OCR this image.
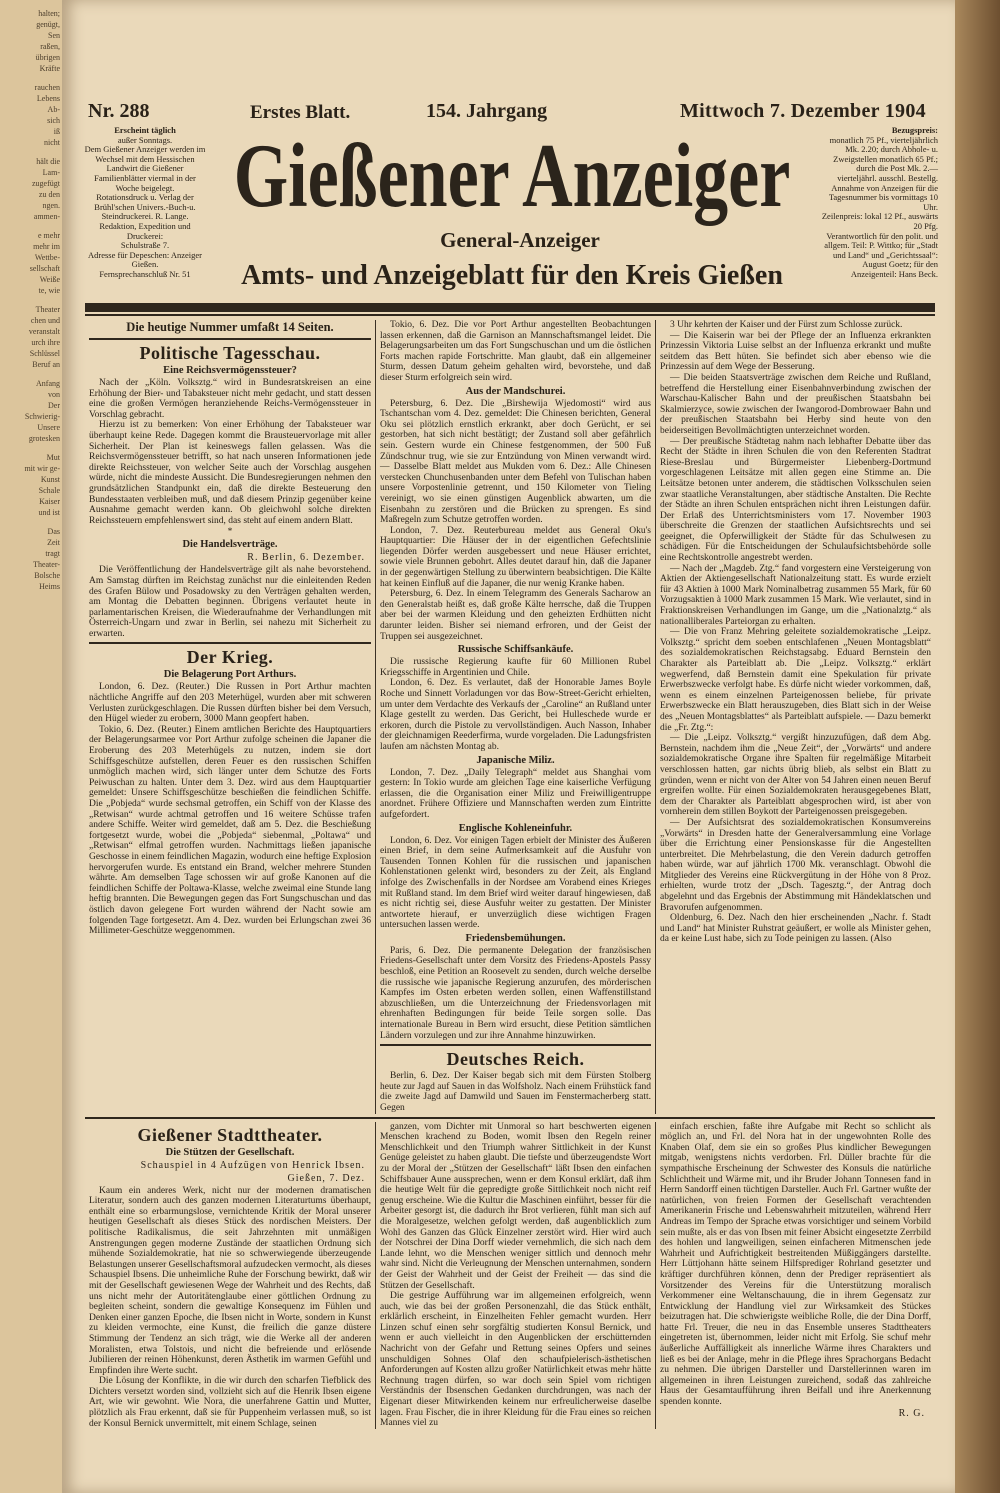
halten;

genügt,

Sen

raßen,

übrigen

Kräfte

rauchen

Lebens

Ab-

sich

iß

nicht

hält die

Lam-

zugefügt

zu den

ngen.

ammen-

e mehr

mehr im

Wettbe-

sellschaft

Weiße

te, wie

Theater

chen und

veranstalt

urch ihre

Schlüssel

Beruf an

Anfang

von

Der

Schwierig-

Unsere

grotesken

Mut

mit wir ge-

Kunst

Schale

Kaiser

und ist

Das

Zeit

tragt

Theater-

Bolsche

Heims

Nr. 288	Erstes Blatt.	154. Jahrgang	Mittwoch 7. Dezember 1904
Gießener Anzeiger
General-Anzeiger
Amts- und Anzeigeblatt für den Kreis Gießen
Erscheint täglich
außer Sonntags.
Dem Gießener Anzeiger werden im Wechsel mit dem Hessischen Landwirt die Gießener Familienblätter viermal in der Woche beigelegt.
Rotationsdruck u. Verlag der Brühl'schen Univers.-Buch-u. Steindruckerei. R. Lange.
Redaktion, Expedition und Druckerei:
Schulstraße 7.
Adresse für Depeschen: Anzeiger Gießen.
Fernsprechanschluß Nr. 51
Bezugspreis:
monatlich 75 Pf., vierteljährlich Mk. 2.20; durch Abhole- u. Zweigstellen monatlich 65 Pf.; durch die Post Mk. 2.— vierteljährl. ausschl. Bestellg.
Annahme von Anzeigen für die Tagesnummer bis vormittags 10 Uhr.
Zeilenpreis: lokal 12 Pf., auswärts 20 Pfg.
Verantwortlich für den polit. und allgem. Teil: P. Wittko; für „Stadt und Land“ und „Gerichtssaal“: August Goetz; für den Anzeigenteil: Hans Beck.

Die heutige Nummer umfaßt 14 Seiten.

Politische Tagesschau.
Eine Reichsvermögenssteuer?

Nach der „Köln. Volksztg.“ wird in Bundesratskreisen an eine Erhöhung der Bier- und Tabaksteuer nicht mehr gedacht, und statt dessen eine die großen Vermögen heranziehende Reichs-Vermögenssteuer in Vorschlag gebracht.

Hierzu ist zu bemerken: Von einer Erhöhung der Tabaksteuer war überhaupt keine Rede. Dagegen kommt die Brausteuervorlage mit aller Sicherheit. Der Plan ist keineswegs fallen gelassen. Was die Reichsvermögenssteuer betrifft, so hat nach unseren Informationen jede direkte Reichssteuer, von welcher Seite auch der Vorschlag ausgehen würde, nicht die mindeste Aussicht. Die Bundesregierungen nehmen den grundsätzlichen Standpunkt ein, daß die direkte Besteuerung den Bundesstaaten verbleiben muß, und daß diesem Prinzip gegenüber keine Ausnahme gemacht werden kann. Ob gleichwohl solche direkten Reichssteuern empfehlenswert sind, das steht auf einem andern Blatt.

*
Die Handelsverträge.
R. Berlin, 6. Dezember.

Die Veröffentlichung der Handelsverträge gilt als nahe bevorstehend. Am Samstag dürften im Reichstag zunächst nur die einleitenden Reden des Grafen Bülow und Posadowsky zu den Verträgen gehalten werden, am Montag die Debatten beginnen. Übrigens verlautet heute in parlamentarischen Kreisen, die Wiederaufnahme der Verhandlungen mit Österreich-Ungarn und zwar in Berlin, sei nahezu mit Sicherheit zu erwarten.

Der Krieg.
Die Belagerung Port Arthurs.

London, 6. Dez. (Reuter.) Die Russen in Port Arthur machten nächtliche Angriffe auf den 203 Meterhügel, wurden aber mit schweren Verlusten zurückgeschlagen. Die Russen dürften bisher bei dem Versuch, den Hügel wieder zu erobern, 3000 Mann geopfert haben.

Tokio, 6. Dez. (Reuter.) Einem amtlichen Berichte des Hauptquartiers der Belagerungsarmee vor Port Arthur zufolge scheinen die Japaner die Eroberung des 203 Meterhügels zu nutzen, indem sie dort Schiffsgeschütze aufstellen, deren Feuer es den russischen Schiffen unmöglich machen wird, sich länger unter dem Schutze des Forts Peiwuschan zu halten. Unter dem 3. Dez. wird aus dem Hauptquartier gemeldet: Unsere Schiffsgeschütze beschießen die feindlichen Schiffe. Die „Pobjeda“ wurde sechsmal getroffen, ein Schiff von der Klasse des „Retwisan“ wurde achtmal getroffen und 16 weitere Schüsse trafen andere Schiffe. Weiter wird gemeldet, daß am 5. Dez. die Beschießung fortgesetzt wurde, wobei die „Pobjeda“ siebenmal, „Poltawa“ und „Retwisan“ elfmal getroffen wurden. Nachmittags ließen japanische Geschosse in einem feindlichen Magazin, wodurch eine heftige Explosion hervorgerufen wurde. Es entstand ein Brand, welcher mehrere Stunden währte. Am demselben Tage schossen wir auf große Kanonen auf die feindlichen Schiffe der Poltawa-Klasse, welche zweimal eine Stunde lang heftig brannten. Die Bewegungen gegen das Fort Sungschuschan und das östlich davon gelegene Fort wurden während der Nacht sowie am folgenden Tage fortgesetzt. Am 4. Dez. wurden bei Erlungschan zwei 36 Millimeter-Geschütze weggenommen.

Tokio, 6. Dez. Die vor Port Arthur angestellten Beobachtungen lassen erkennen, daß die Garnison an Mannschaftsmangel leidet. Die Belagerungsarbeiten um das Fort Sungschuschan und um die östlichen Forts machen rapide Fortschritte. Man glaubt, daß ein allgemeiner Sturm, dessen Datum geheim gehalten wird, bevorstehe, und daß dieser Sturm erfolgreich sein wird.

Aus der Mandschurei.

Petersburg, 6. Dez. Die „Birshewija Wjedomosti“ wird aus Tschantschan vom 4. Dez. gemeldet: Die Chinesen berichten, General Oku sei plötzlich ernstlich erkrankt, aber doch Gerücht, er sei gestorben, hat sich nicht bestätigt; der Zustand soll aber gefährlich sein. Gestern wurde ein Chinese festgenommen, der 500 Fuß Zündschnur trug, wie sie zur Entzündung von Minen verwandt wird. — Dasselbe Blatt meldet aus Mukden vom 6. Dez.: Alle Chinesen verstecken Chunchusenbanden unter dem Befehl von Tulischan haben unsere Vorpostenlinie getrennt, und 150 Kilometer von Tieling vereinigt, wo sie einen günstigen Augenblick abwarten, um die Eisenbahn zu zerstören und die Brücken zu sprengen. Es sind Maßregeln zum Schutze getroffen worden.

London, 7. Dez. Reuterbureau meldet aus General Oku's Hauptquartier: Die Häuser der in der eigentlichen Gefechtslinie liegenden Dörfer werden ausgebessert und neue Häuser errichtet, sowie viele Brunnen gebohrt. Alles deutet darauf hin, daß die Japaner in der gegenwärtigen Stellung zu überwintern beabsichtigen. Die Kälte hat keinen Einfluß auf die Japaner, die nur wenig Kranke haben.

Petersburg, 6. Dez. In einem Telegramm des Generals Sacharow an den Generalstab heißt es, daß große Kälte herrsche, daß die Truppen aber bei der warmen Kleidung und den geheizten Erdhütten nicht darunter leiden. Bisher sei niemand erfroren, und der Geist der Truppen sei ausgezeichnet.

Russische Schiffsankäufe.

Die russische Regierung kaufte für 60 Millionen Rubel Kriegsschiffe in Argentinien und Chile.

London, 6. Dez. Es verlautet, daß der Honorable James Boyle Roche und Sinnett Vorladungen vor das Bow-Street-Gericht erhielten, um unter dem Verdachte des Verkaufs der „Caroline“ an Rußland unter Klage gestellt zu werden. Das Gericht, bei Hulleschede wurde er erkoren, durch die Pistole zu vervollständigen. Auch Nasson, Inhaber der gleichnamigen Reederfirma, wurde vorgeladen. Die Ladungsfristen laufen am nächsten Montag ab.

Japanische Miliz.

London, 7. Dez. „Daily Telegraph“ meldet aus Shanghai vom gestern: In Tokio wurde am gleichen Tage eine kaiserliche Verfügung erlassen, die die Organisation einer Miliz und Freiwilligentruppe anordnet. Frühere Offiziere und Mannschaften werden zum Eintritte aufgefordert.

Englische Kohleneinfuhr.

London, 6. Dez. Vor einigen Tagen erbielt der Minister des Äußeren einen Brief, in dem seine Aufmerksamkeit auf die Ausfuhr von Tausenden Tonnen Kohlen für die russischen und japanischen Kohlenstationen gelenkt wird, besonders zu der Zeit, als England infolge des Zwischenfalls in der Nordsee am Vorabend eines Krieges mit Rußland stand. Im dem Brief wird weiter darauf hingewiesen, daß es nicht richtig sei, diese Ausfuhr weiter zu gestatten. Der Minister antwortete hierauf, er unverzüglich diese wichtigen Fragen untersuchen lassen werde.

Friedensbemühungen.

Paris, 6. Dez. Die permanente Delegation der französischen Friedens-Gesellschaft unter dem Vorsitz des Friedens-Apostels Passy beschloß, eine Petition an Roosevelt zu senden, durch welche derselbe die russische wie japanische Regierung anzurufen, des mörderischen Kampfes im Osten erbeten werden sollen, einen Waffenstillstand abzuschließen, um die Unterzeichnung der Friedensvorlagen mit ehrenhaften Bedingungen für beide Teile sorgen solle. Das internationale Bureau in Bern wird ersucht, diese Petition sämtlichen Ländern vorzulegen und zur ihre Annahme hinzuwirken.

Deutsches Reich.

Berlin, 6. Dez. Der Kaiser begab sich mit dem Fürsten Stolberg heute zur Jagd auf Sauen in das Wolfsholz. Nach einem Frühstück fand die zweite Jagd auf Damwild und Sauen im Fenstermacherberg statt. Gegen

3 Uhr kehrten der Kaiser und der Fürst zum Schlosse zurück.

— Die Kaiserin war bei der Pflege der an Influenza erkrankten Prinzessin Viktoria Luise selbst an der Influenza erkrankt und mußte seitdem das Bett hüten. Sie befindet sich aber ebenso wie die Prinzessin auf dem Wege der Besserung.

— Die beiden Staatsverträge zwischen dem Reiche und Rußland, betreffend die Herstellung einer Eisenbahnverbindung zwischen der Warschau-Kalischer Bahn und der preußischen Staatsbahn bei Skalmierzyce, sowie zwischen der Iwangorod-Dombrowaer Bahn und der preußischen Staatsbahn bei Herby sind heute von den beiderseitigen Bevollmächtigten unterzeichnet worden.

— Der preußische Städtetag nahm nach lebhafter Debatte über das Recht der Städte in ihren Schulen die von den Referenten Stadtrat Riese-Breslau und Bürgermeister Liebenberg-Dortmund vorgeschlagenen Leitsätze mit allen gegen eine Stimme an. Die Leitsätze betonen unter anderem, die städtischen Volksschulen seien zwar staatliche Veranstaltungen, aber städtische Anstalten. Die Rechte der Städte an ihren Schulen entsprächen nicht ihren Leistungen dafür. Der Erlaß des Unterrichtsministers vom 17. November 1903 überschreite die Grenzen der staatlichen Aufsichtsrechts und sei geeignet, die Opferwilligkeit der Städte für das Schulwesen zu schädigen. Für die Entscheidungen der Schulaufsichtsbehörde solle eine Rechtskontrolle angestrebt werden.

— Nach der „Magdeb. Ztg.“ fand vorgestern eine Versteigerung von Aktien der Aktiengesellschaft Nationalzeitung statt. Es wurde erzielt für 43 Aktien à 1000 Mark Nominalbetrag zusammen 55 Mark, für 60 Vorzugsaktien à 1000 Mark zusammen 15 Mark. Wie verlautet, sind in Fraktionskreisen Verhandlungen im Gange, um die „Nationalztg.“ als nationalliberales Parteiorgan zu erhalten.

— Die von Franz Mehring geleitete sozialdemokratische „Leipz. Volksztg.“ spricht dem soeben entschlafenen „Neuen Montagsblatt“ des sozialdemokratischen Reichstagsabg. Eduard Bernstein den Charakter als Parteiblatt ab. Die „Leipz. Volksztg.“ erklärt wegwerfend, daß Bernstein damit eine Spekulation für private Erwerbszwecke verfolgt habe. Es dürfe nicht wieder vorkommen, daß, wenn es einem einzelnen Parteigenossen beliebe, für private Erwerbszwecke ein Blatt herauszugeben, dies Blatt sich in der Weise des „Neuen Montagsblattes“ als Parteiblatt aufspiele. — Dazu bemerkt die „Fr. Ztg.“:

— Die „Leipz. Volksztg.“ vergißt hinzuzufügen, daß dem Abg. Bernstein, nachdem ihm die „Neue Zeit“, der „Vorwärts“ und andere sozialdemokratische Organe ihre Spalten für regelmäßige Mitarbeit verschlossen hatten, gar nichts übrig blieb, als selbst ein Blatt zu gründen, wenn er nicht von der Alter von 54 Jahren einen neuen Beruf ergreifen wollte. Für einen Sozialdemokraten herausgegebenes Blatt, dem der Charakter als Parteiblatt abgesprochen wird, ist aber von vornherein dem stillen Boykott der Parteigenossen preisgegeben.

— Der Aufsichtsrat des sozialdemokratischen Konsumvereins „Vorwärts“ in Dresden hatte der Generalversammlung eine Vorlage über die Errichtung einer Pensionskasse für die Angestellten unterbreitet. Die Mehrbelastung, die den Verein dadurch getroffen haben würde, war auf jährlich 1700 Mk. veranschlagt. Obwohl die Mitglieder des Vereins eine Rückvergütung in der Höhe von 8 Proz. erhielten, wurde trotz der „Dsch. Tagesztg.“, der Antrag doch abgelehnt und das Ergebnis der Abstimmung mit Händeklatschen und Bravorufen aufgenommen.

Oldenburg, 6. Dez. Nach den hier erscheinenden „Nachr. f. Stadt und Land“ hat Minister Ruhstrat geäußert, er wolle als Minister gehen, da er keine Lust habe, sich zu Tode peinigen zu lassen. (Also

Gießener Stadttheater.
Die Stützen der Gesellschaft.
Schauspiel in 4 Aufzügen von Henrick Ibsen.
Gießen, 7. Dez.

Kaum ein anderes Werk, nicht nur der modernen dramatischen Literatur, sondern auch des ganzen modernen Literaturtums überhaupt, enthält eine so erbarmungslose, vernichtende Kritik der Moral unserer heutigen Gesellschaft als dieses Stück des nordischen Meisters. Der politische Radikalismus, die seit Jahrzehnten mit unmäßigen Anstrengungen gegen moderne Zustände der staatlichen Ordnung sich mühende Sozialdemokratie, hat nie so schwerwiegende überzeugende Belastungen unserer Gesellschaftsmoral aufzudecken vermocht, als dieses Schauspiel Ibsens. Die unheimliche Ruhe der Forschung bewirkt, daß wir mit der Gesellschaft gewiesenen Wege der Wahrheit und des Rechts, daß uns nicht mehr der Autoritätenglaube einer göttlichen Ordnung zu begleiten scheint, sondern die gewaltige Konsequenz im Fühlen und Denken einer ganzen Epoche, die Ibsen nicht in Worte, sondern in Kunst zu kleiden vermochte, eine Kunst, die freilich die ganze düstere Stimmung der Tendenz an sich trägt, wie die Werke all der anderen Moralisten, etwa Tolstois, und nicht die befreiende und erlösende Jubilieren der reinen Höhenkunst, deren Ästhetik im warmen Gefühl und Empfinden ihre Werte sucht.

Die Lösung der Konflikte, in die wir durch den scharfen Tiefblick des Dichters versetzt worden sind, vollzieht sich auf die Henrik Ibsen eigene Art, wie wir gewohnt. Wie Nora, die unerfahrene Gattin und Mutter, plötzlich als Frau erkennt, daß sie für Puppenheim verlassen muß, so ist der Konsul Bernick unvermittelt, mit einem Schlage, seinen

ganzen, vom Dichter mit Unmoral so hart beschwerten eigenen Menschen krachend zu Boden, womit Ibsen den Regeln reiner Menschlichkeit und den Triumph wahrer Sittlichkeit in der Kunst Genüge geleistet zu haben glaubt. Die tiefste und überzeugendste Wort zu der Moral der „Stützen der Gesellschaft“ läßt Ibsen den einfachen Schiffsbauer Aune aussprechen, wenn er dem Konsul erklärt, daß ihm die heutige Welt für die gepredigte große Sittlichkeit noch nicht reif genug erscheine. Wie die Kultur die Maschinen einführt, besser für die Arbeiter gesorgt ist, die dadurch ihr Brot verlieren, fühlt man sich auf die Moralgesetze, welchen gefolgt werden, daß augenblicklich zum Wohl des Ganzen das Glück Einzelner zerstört wird. Hier wird auch der Notschrei der Dina Dorff wieder vernehmlich, die sich nach dem Lande lehnt, wo die Menschen weniger sittlich und dennoch mehr wahr sind. Nicht die Verleugnung der Menschen unternahmen, sondern der Geist der Wahrheit und der Geist der Freiheit — das sind die Stützen der Gesellschaft.

Die gestrige Aufführung war im allgemeinen erfolgreich, wenn auch, wie das bei der großen Personenzahl, die das Stück enthält, erklärlich erscheint, in Einzelheiten Fehler gemacht wurden. Herr Linzen schuf einen sehr sorgfältig studierten Konsul Bernick, und wenn er auch vielleicht in den Augenblicken der erschütternden Nachricht von der Gefahr und Rettung seines Opfers und seines unschuldigen Sohnes Olaf den schaufpielerisch-ästhetischen Anforderungen auf Kosten allzu großer Natürlichkeit etwas mehr hätte Rechnung tragen dürfen, so war doch sein Spiel vom richtigen Verständnis der Ibsenschen Gedanken durchdrungen, was nach der Eigenart dieser Mitwirkenden keinem nur erfreulicherweise daselbe lagen. Frau Fischer, die in ihrer Kleidung für die Frau eines so reichen Mannes viel zu

einfach erschien, faßte ihre Aufgabe mit Recht so schlicht als möglich an, und Frl. del Nora hat in der ungewohnten Rolle des Knaben Olaf, dem sie ein so großes Plus kindlicher Bewegungen mitgab, wenigstens nichts verdorben. Frl. Düller brachte für die sympathische Erscheinung der Schwester des Konsuls die natürliche Schlichtheit und Wärme mit, und ihr Bruder Johann Tonnesen fand in Herrn Sandorff einen tüchtigen Darsteller. Auch Frl. Gartner wußte der natürlichen, von freien Formen der Gesellschaft verachtenden Amerikanerin Frische und Lebenswahrheit mitzuteilen, während Herr Andreas im Tempo der Sprache etwas vorsichtiger und seinem Vorbild sein mußte, als er das von Ibsen mit feiner Absicht eingesetzte Zerrbild des hohlen und langweiligen, seinen einfacheren Mitmenschen jede Wahrheit und Aufrichtigkeit bestreitenden Müßiggängers darstellte. Herr Lüttjohann hätte seinem Hilfsprediger Rohrland gesetzter und kräftiger durchführen können, denn der Prediger repräsentiert als Vorsitzender des Vereins für die Unterstützung moralisch Verkommener eine Weltanschauung, die in ihrem Gegensatz zur Entwicklung der Handlung viel zur Wirksamkeit des Stückes beizutragen hat. Die schwierigste weibliche Rolle, die der Dina Dorff, hatte Frl. Treuer, die neu in das Ensemble unseres Stadttheaters eingetreten ist, übernommen, leider nicht mit Erfolg. Sie schuf mehr äußerliche Auffälligkeit als innerliche Wärme ihres Charakters und ließ es bei der Anlage, mehr in die Pflege ihres Sprachorgans Bedacht zu nehmen. Die übrigen Darsteller und Darstellerinnen waren im allgemeinen in ihren Leistungen zureichend, sodaß das zahlreiche Haus der Gesamtaufführung ihren Beifall und ihre Anerkennung spenden konnte.

R. G.
